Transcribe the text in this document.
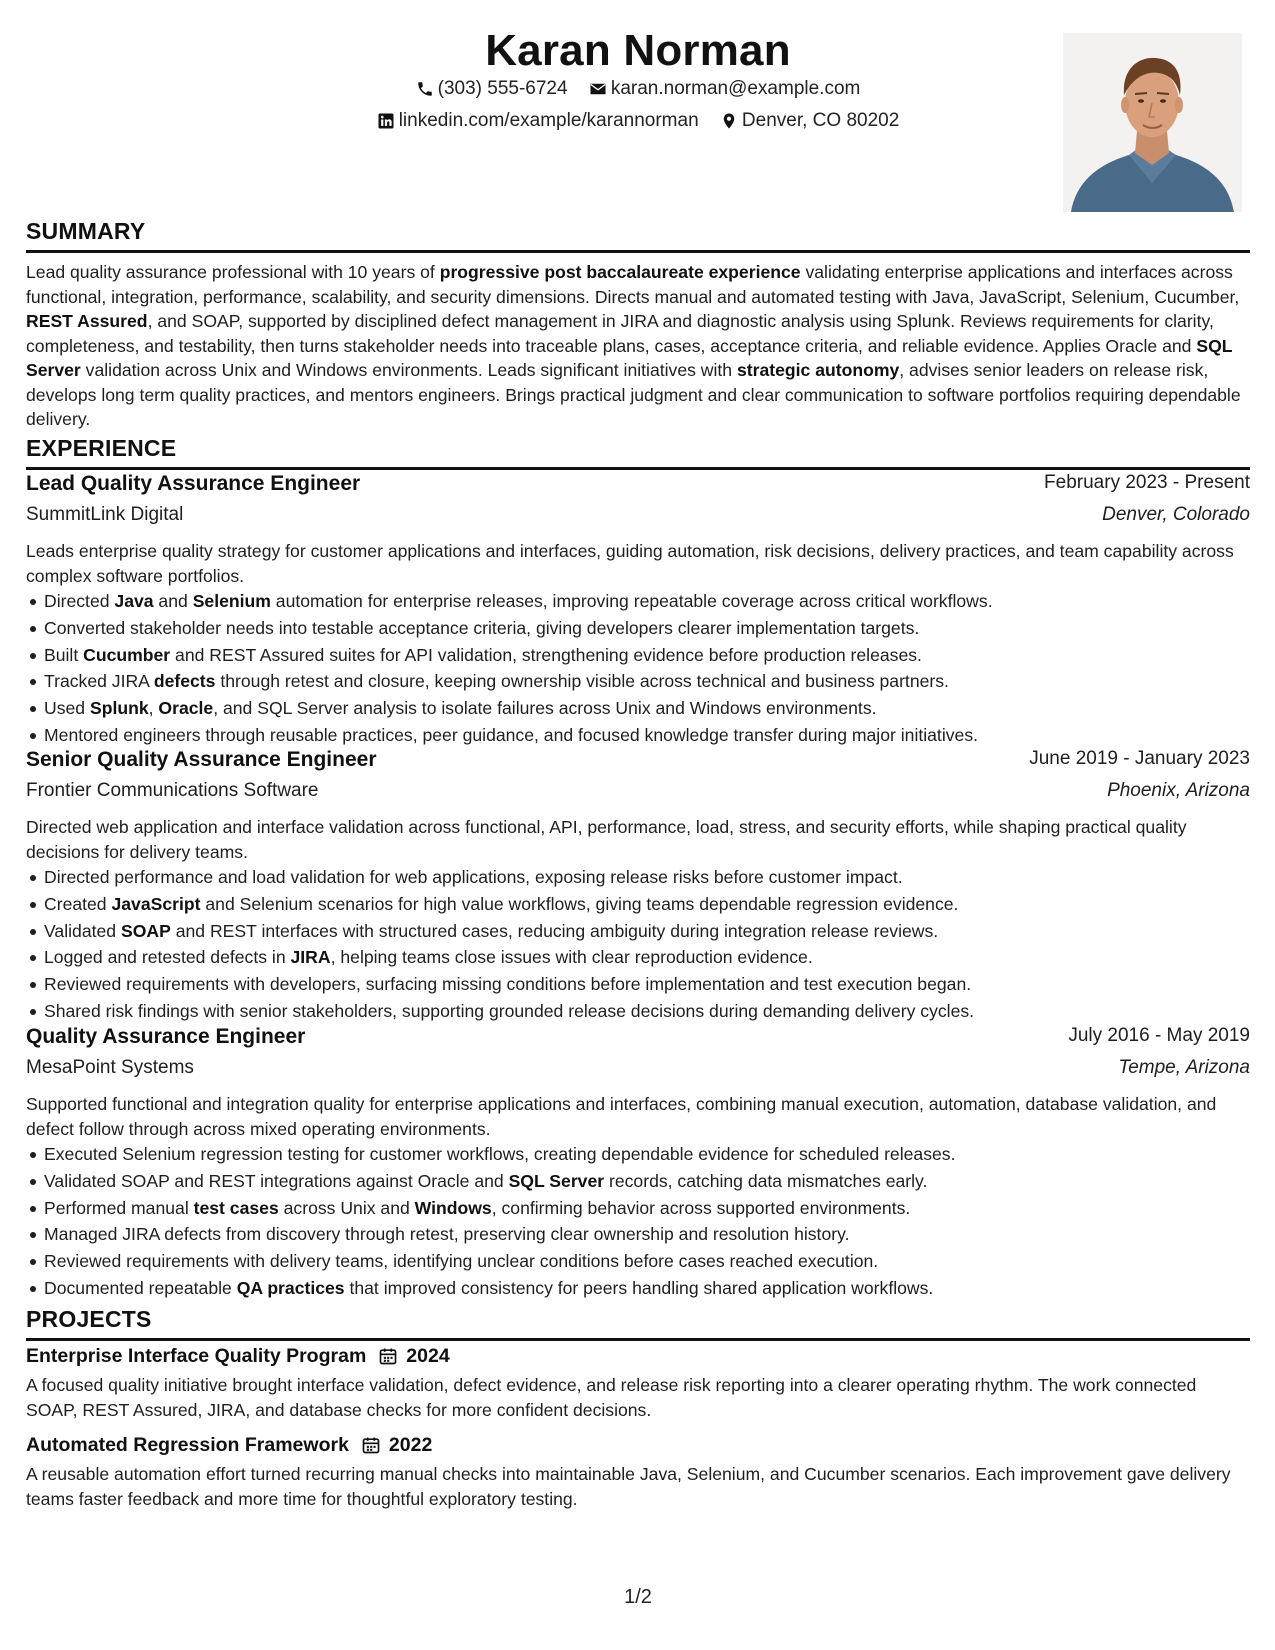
Karan Norman
(303) 555-6724
karan.norman@example.com
linkedin.com/example/karannorman
Denver, CO 80202
SUMMARY

Lead quality assurance professional with 10 years of progressive post baccalaureate experience validating enterprise applications and interfaces across functional, integration, performance, scalability, and security dimensions. Directs manual and automated testing with Java, JavaScript, Selenium, Cucumber, REST Assured, and SOAP, supported by disciplined defect management in JIRA and diagnostic analysis using Splunk. Reviews requirements for clarity, completeness, and testability, then turns stakeholder needs into traceable plans, cases, acceptance criteria, and reliable evidence. Applies Oracle and SQL Server validation across Unix and Windows environments. Leads significant initiatives with strategic autonomy, advises senior leaders on release risk, develops long term quality practices, and mentors engineers. Brings practical judgment and clear communication to software portfolios requiring dependable delivery.

EXPERIENCE
Lead Quality Assurance Engineer	February 2023 - Present
SummitLink Digital	Denver, Colorado

Leads enterprise quality strategy for customer applications and interfaces, guiding automation, risk decisions, delivery practices, and team capability across complex software portfolios.

Directed Java and Selenium automation for enterprise releases, improving repeatable coverage across critical workflows.
Converted stakeholder needs into testable acceptance criteria, giving developers clearer implementation targets.
Built Cucumber and REST Assured suites for API validation, strengthening evidence before production releases.
Tracked JIRA defects through retest and closure, keeping ownership visible across technical and business partners.
Used Splunk, Oracle, and SQL Server analysis to isolate failures across Unix and Windows environments.
Mentored engineers through reusable practices, peer guidance, and focused knowledge transfer during major initiatives.
Senior Quality Assurance Engineer	June 2019 - January 2023
Frontier Communications Software	Phoenix, Arizona

Directed web application and interface validation across functional, API, performance, load, stress, and security efforts, while shaping practical quality decisions for delivery teams.

Directed performance and load validation for web applications, exposing release risks before customer impact.
Created JavaScript and Selenium scenarios for high value workflows, giving teams dependable regression evidence.
Validated SOAP and REST interfaces with structured cases, reducing ambiguity during integration release reviews.
Logged and retested defects in JIRA, helping teams close issues with clear reproduction evidence.
Reviewed requirements with developers, surfacing missing conditions before implementation and test execution began.
Shared risk findings with senior stakeholders, supporting grounded release decisions during demanding delivery cycles.
Quality Assurance Engineer	July 2016 - May 2019
MesaPoint Systems	Tempe, Arizona

Supported functional and integration quality for enterprise applications and interfaces, combining manual execution, automation, database validation, and defect follow through across mixed operating environments.

Executed Selenium regression testing for customer workflows, creating dependable evidence for scheduled releases.
Validated SOAP and REST integrations against Oracle and SQL Server records, catching data mismatches early.
Performed manual test cases across Unix and Windows, confirming behavior across supported environments.
Managed JIRA defects from discovery through retest, preserving clear ownership and resolution history.
Reviewed requirements with delivery teams, identifying unclear conditions before cases reached execution.
Documented repeatable QA practices that improved consistency for peers handling shared application workflows.
PROJECTS
Enterprise Interface Quality Program 2024

A focused quality initiative brought interface validation, defect evidence, and release risk reporting into a clearer operating rhythm. The work connected SOAP, REST Assured, JIRA, and database checks for more confident decisions.

Automated Regression Framework 2022

A reusable automation effort turned recurring manual checks into maintainable Java, Selenium, and Cucumber scenarios. Each improvement gave delivery teams faster feedback and more time for thoughtful exploratory testing.

1/2
